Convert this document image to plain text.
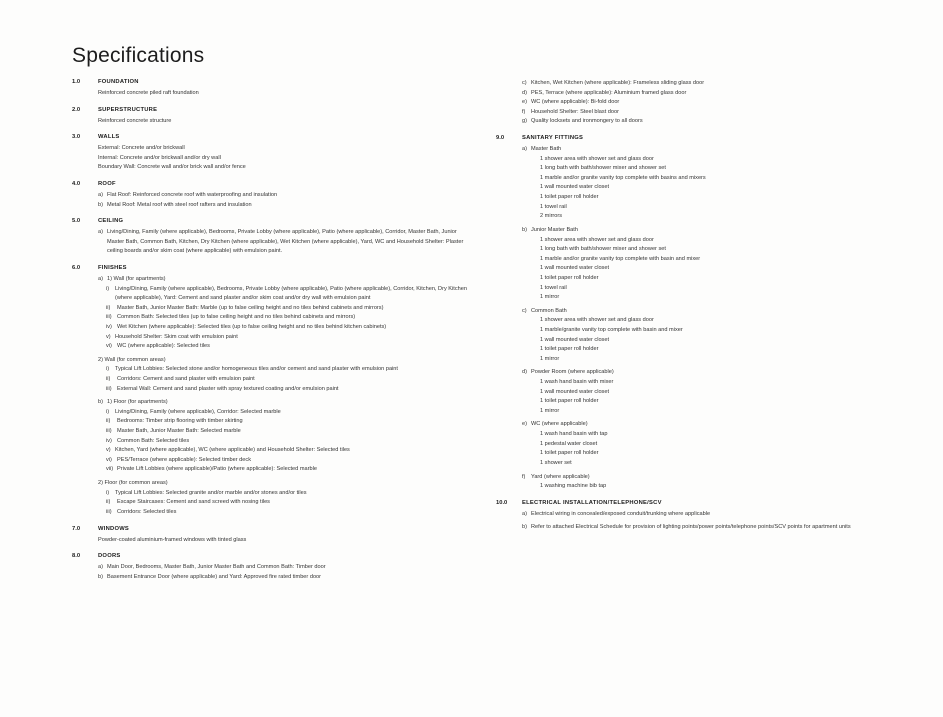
Specifications
1.0	FOUNDATION
Reinforced concrete piled raft foundation
2.0	SUPERSTRUCTURE
Reinforced concrete structure
3.0	WALLS
External: Concrete and/or brickwall
Internal: Concrete and/or brickwall and/or dry wall
Boundary Wall: Concrete wall and/or brick wall and/or fence
4.0	ROOF
a) Flat Roof: Reinforced concrete roof with waterproofing and insulation
b) Metal Roof: Metal roof with steel roof rafters and insulation
5.0	CEILING
a) Living/Dining, Family (where applicable), Bedrooms, Private Lobby (where applicable), Patio (where applicable), Corridor, Master Bath, Junior Master Bath, Common Bath, Kitchen, Dry Kitchen (where applicable), Wet Kitchen (where applicable), Yard, WC and Household Shelter: Plaster ceiling boards and/or skim coat (where applicable) with emulsion paint.
6.0	FINISHES
a) 1) Wall (for apartments)
i)	Living/Dining, Family (where applicable), Bedrooms, Private Lobby (where applicable), Patio (where applicable), Corridor, Kitchen, Dry Kitchen (where applicable), Yard: Cement and sand plaster and/or skim coat and/or dry wall with emulsion paint
ii)	Master Bath, Junior Master Bath: Marble (up to false ceiling height and no tiles behind cabinets and mirrors)
iii) Common Bath: Selected tiles (up to false ceiling height and no tiles behind cabinets and mirrors)
iv) Wet Kitchen (where applicable): Selected tiles (up to false ceiling height and no tiles behind kitchen cabinets)
v) Household Shelter: Skim coat with emulsion paint
vi) WC (where applicable): Selected tiles
2) Wall (for common areas)
i)	Typical Lift Lobbies: Selected stone and/or homogeneous tiles and/or cement and sand plaster with emulsion paint
ii)	Corridors: Cement and sand plaster with emulsion paint
iii) External Wall: Cement and sand plaster with spray textured coating and/or emulsion paint
b) 1) Floor (for apartments)
i)	Living/Dining, Family (where applicable), Corridor: Selected marble
ii)	Bedrooms: Timber strip flooring with timber skirting
iii) Master Bath, Junior Master Bath: Selected marble
iv) Common Bath: Selected tiles
v) Kitchen, Yard (where applicable), WC (where applicable) and Household Shelter: Selected tiles
vi) PES/Terrace (where applicable): Selected timber deck
vii) Private Lift Lobbies (where applicable)/Patio (where applicable): Selected marble
2) Floor (for common areas)
i)	Typical Lift Lobbies: Selected granite and/or marble and/or stones and/or tiles
ii)	Escape Staircases: Cement and sand screed with nosing tiles
iii) Corridors: Selected tiles
7.0	WINDOWS
Powder-coated aluminium-framed windows with tinted glass
8.0	DOORS
a) Main Door, Bedrooms, Master Bath, Junior Master Bath and Common Bath: Timber door
b) Basement Entrance Door (where applicable) and Yard: Approved fire rated timber door
c) Kitchen, Wet Kitchen (where applicable): Frameless sliding glass door
d) PES, Terrace (where applicable): Aluminium framed glass door
e) WC (where applicable): Bi-fold door
f) Household Shelter: Steel blast door
g) Quality locksets and ironmongery to all doors
9.0	SANITARY FITTINGS
a) Master Bath
1 shower area with shower set and glass door
1 long bath with bath/shower mixer and shower set
1 marble and/or granite vanity top complete with basins and mixers
1 wall mounted water closet
1 toilet paper roll holder
1 towel rail
2 mirrors
b) Junior Master Bath
1 shower area with shower set and glass door
1 long bath with bath/shower mixer and shower set
1 marble and/or granite vanity top complete with basin and mixer
1 wall mounted water closet
1 toilet paper roll holder
1 towel rail
1 mirror
c) Common Bath
1 shower area with shower set and glass door
1 marble/granite vanity top complete with basin and mixer
1 wall mounted water closet
1 toilet paper roll holder
1 mirror
d) Powder Room (where applicable)
1 wash hand basin with mixer
1 wall mounted water closet
1 toilet paper roll holder
1 mirror
e) WC (where applicable)
1 wash hand basin with tap
1 pedestal water closet
1 toilet paper roll holder
1 shower set
f) Yard (where applicable)
1 washing machine bib tap
10.0	ELECTRICAL INSTALLATION/TELEPHONE/SCV
a) Electrical wiring in concealed/exposed conduit/trunking where applicable
b) Refer to attached Electrical Schedule for provision of lighting points/power points/telephone points/SCV points for apartment units
